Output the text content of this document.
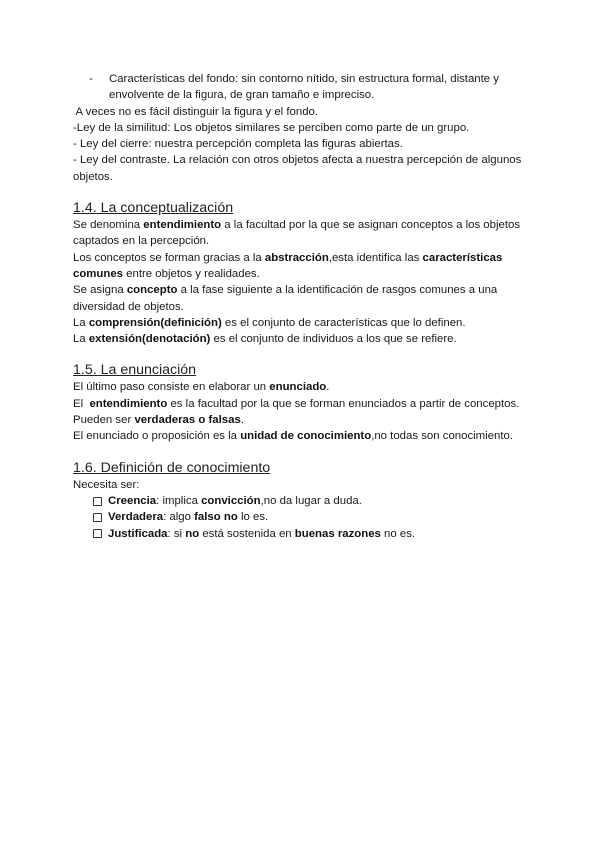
-	Características del fondo: sin contorno nítido, sin estructura formal, distante y envolvente de la figura, de gran tamaño e impreciso.

A veces no es fácil distinguir la figura y el fondo.

-Ley de la similitud: Los objetos similares se perciben como parte de un grupo.

- Ley del cierre: nuestra percepción completa las figuras abiertas.

- Ley del contraste. La relación con otros objetos afecta a nuestra percepción de algunos objetos.

1.4. La conceptualización

Se denomina entendimiento a la facultad por la que se asignan conceptos a los objetos captados en la percepción.

Los conceptos se forman gracias a la abstracción,esta identifica las características comunes entre objetos y realidades.

Se asigna concepto a la fase siguiente a la identificación de rasgos comunes a una diversidad de objetos.

La comprensión(definición) es el conjunto de características que lo definen.

La extensión(denotación) es el conjunto de individuos a los que se refiere.

1.5. La enunciación

El último paso consiste en elaborar un enunciado.

El  entendimiento es la facultad por la que se forman enunciados a partir de conceptos.

Pueden ser verdaderas o falsas.

El enunciado o proposición es la unidad de conocimiento,no todas son conocimiento.

1.6. Definición de conocimiento

Necesita ser:

Creencia: implica convicción,no da lugar a duda.
Verdadera: algo falso no lo es.
Justificada: si no está sostenida en buenas razones no es.
